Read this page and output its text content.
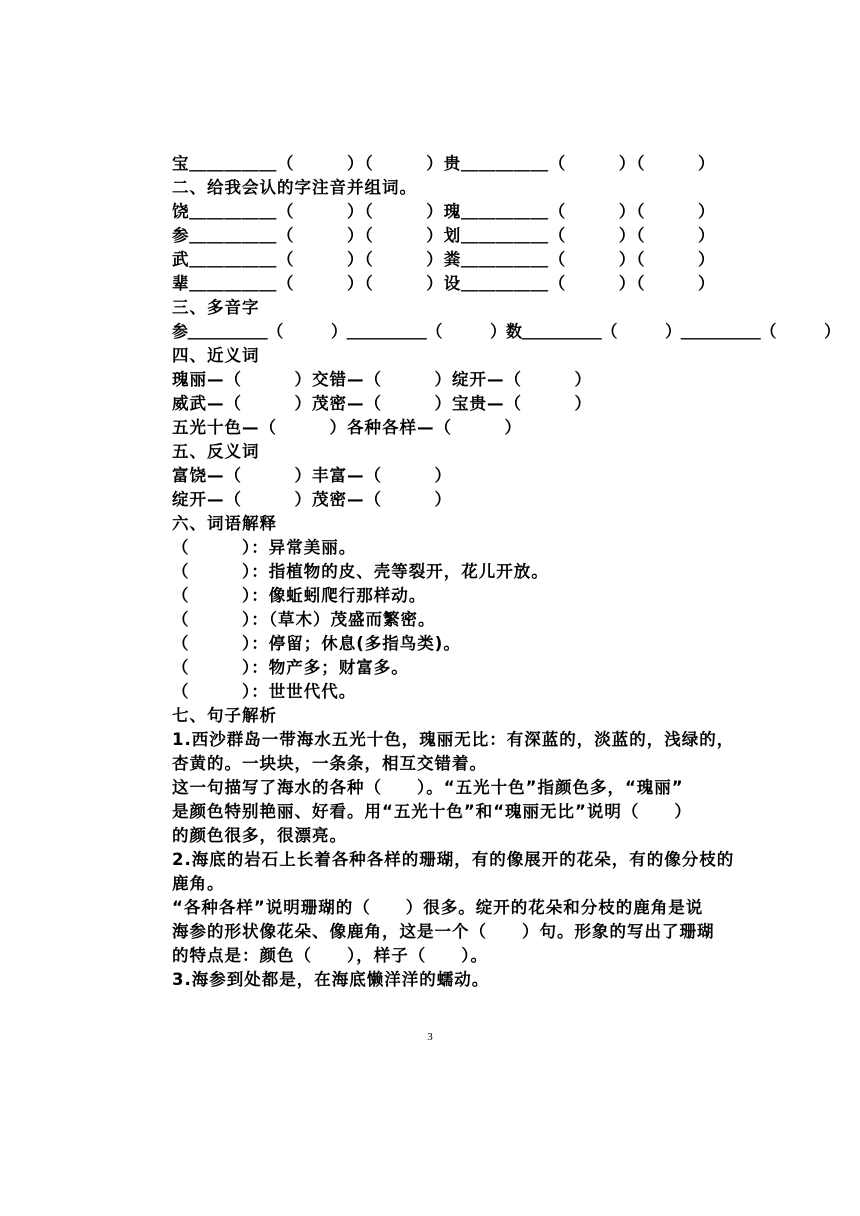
宝＿＿＿＿＿（　　　）（　　　）贵＿＿＿＿＿（　　　）（　　　）
二、给我会认的字注音并组词。
饶＿＿＿＿＿（　　　）（　　　）瑰＿＿＿＿＿（　　　）（　　　）
参＿＿＿＿＿（　　　）（　　　）划＿＿＿＿＿（　　　）（　　　）
武＿＿＿＿＿（　　　）（　　　）粪＿＿＿＿＿（　　　）（　　　）
辈＿＿＿＿＿（　　　）（　　　）设＿＿＿＿＿（　　　）（　　　）
三、多音字
参＿＿＿＿＿（　　　）＿＿＿＿＿（　　　）数＿＿＿＿＿（　　　）＿＿＿＿＿（　　　）
四、近义词
瑰丽—（　　　）交错—（　　　）绽开—（　　　）
威武—（　　　）茂密—（　　　）宝贵—（　　　）
五光十色—（　　　）各种各样—（　　　）
五、反义词
富饶—（　　　）丰富—（　　　）
绽开—（　　　）茂密—（　　　）
六、词语解释
（　　　）：异常美丽。
（　　　）：指植物的皮、壳等裂开，花儿开放。
（　　　）：像蚯蚓爬行那样动。
（　　　）：（草木）茂盛而繁密。
（　　　）：停留；休息(多指鸟类)。
（　　　）：物产多；财富多。
（　　　）：世世代代。
七、句子解析
1.西沙群岛一带海水五光十色，瑰丽无比：有深蓝的，淡蓝的，浅绿的，
杏黄的。一块块，一条条，相互交错着。
这一句描写了海水的各种（　　）。“五光十色”指颜色多，“瑰丽”
是颜色特别艳丽、好看。用“五光十色”和“瑰丽无比”说明（　　）
的颜色很多，很漂亮。
2.海底的岩石上长着各种各样的珊瑚，有的像展开的花朵，有的像分枝的
鹿角。
“各种各样”说明珊瑚的（　　）很多。绽开的花朵和分枝的鹿角是说
海参的形状像花朵、像鹿角，这是一个（　　）句。形象的写出了珊瑚
的特点是：颜色（　　），样子（　　）。
3.海参到处都是，在海底懒洋洋的蠕动。
3
